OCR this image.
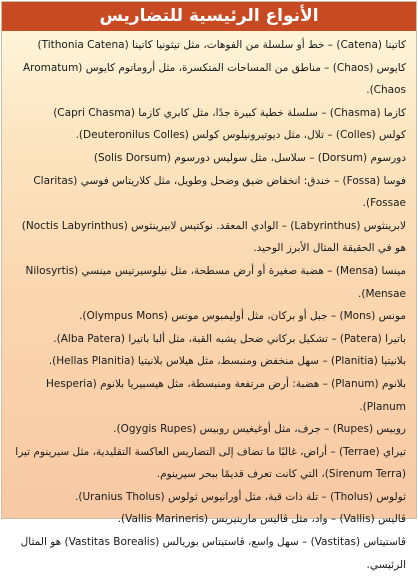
الأنواع الرئيسية للتضاريس

كاتينا (Catena) – خط أو سلسلة من الفوهات، مثل تيثونيا كاتينا (Tithonia Catena)

كايوس (Chaos) – مناطق من المساحات المتكسرة، مثل أروماتوم كايوس (Aromatum Chaos).

كازما (Chasma) – سلسلة خطية كبيرة جدًا، مثل كابري كازما (Capri Chasma)

كولس (Colles) – تلال، مثل ديوتيرونيلوس كولس (Deuteronilus Colles).

دورسوم (Dorsum) – سلاسل، مثل سوليس دورسوم (Solis Dorsum)

فوسا (Fossa) – خندق: انخفاض ضيق وضحل وطويل، مثل كلاريتاس فوسي (Claritas Fossae).

لابرينثوس (Labyrinthus) – الوادي المعقد. نوكتيس لابيرينثوس (Noctis Labyrinthus) هو في الحقيقة المثال الأبرز الوحيد.

مينسا (Mensa) – هضبة صغيرة أو أرض مسطحة، مثل نيلوسيرتيس مينسي (Nilosyrtis Mensae).

مونس (Mons) – جبل أو بركان، مثل أوليمبوس مونس (Olympus Mons).

باتيرا (Patera) – تشكيل بركاني ضحل يشبه القبة، مثل ألبا باتيرا (Alba Patera).

بلانيتيا (Planitia) – سهل منخفض ومنبسط، مثل هيلاس بلانيتيا (Hellas Planitia).

بلانوم (Planum) – هضبة: أرض مرتفعة ومنبسطة، مثل هيسبيريا بلانوم (Hesperia Planum).

روبيس (Rupes) – جرف، مثل أوغيغيس روبيس (Ogygis Rupes).

تيراي (Terrae) – أراض، غالبًا ما تضاف إلى التضاريس العاكسة التقليدية، مثل سيرينوم تيرا (Sirenum Terra)، التي كانت تعرف قديمًا ببحر سيرينوم.

ثولوس (Tholus) – تلة ذات قبة، مثل أورانيوس ثولوس (Uranius Tholus).

ڤاليس (Vallis) – واد، مثل ڤاليس مارينيريس (Vallis Marineris).

ڤاستيتاس (Vastitas) – سهل واسع، ڤاستيتاس بوريالس (Vastitas Borealis) هو المثال الرئيسي.
